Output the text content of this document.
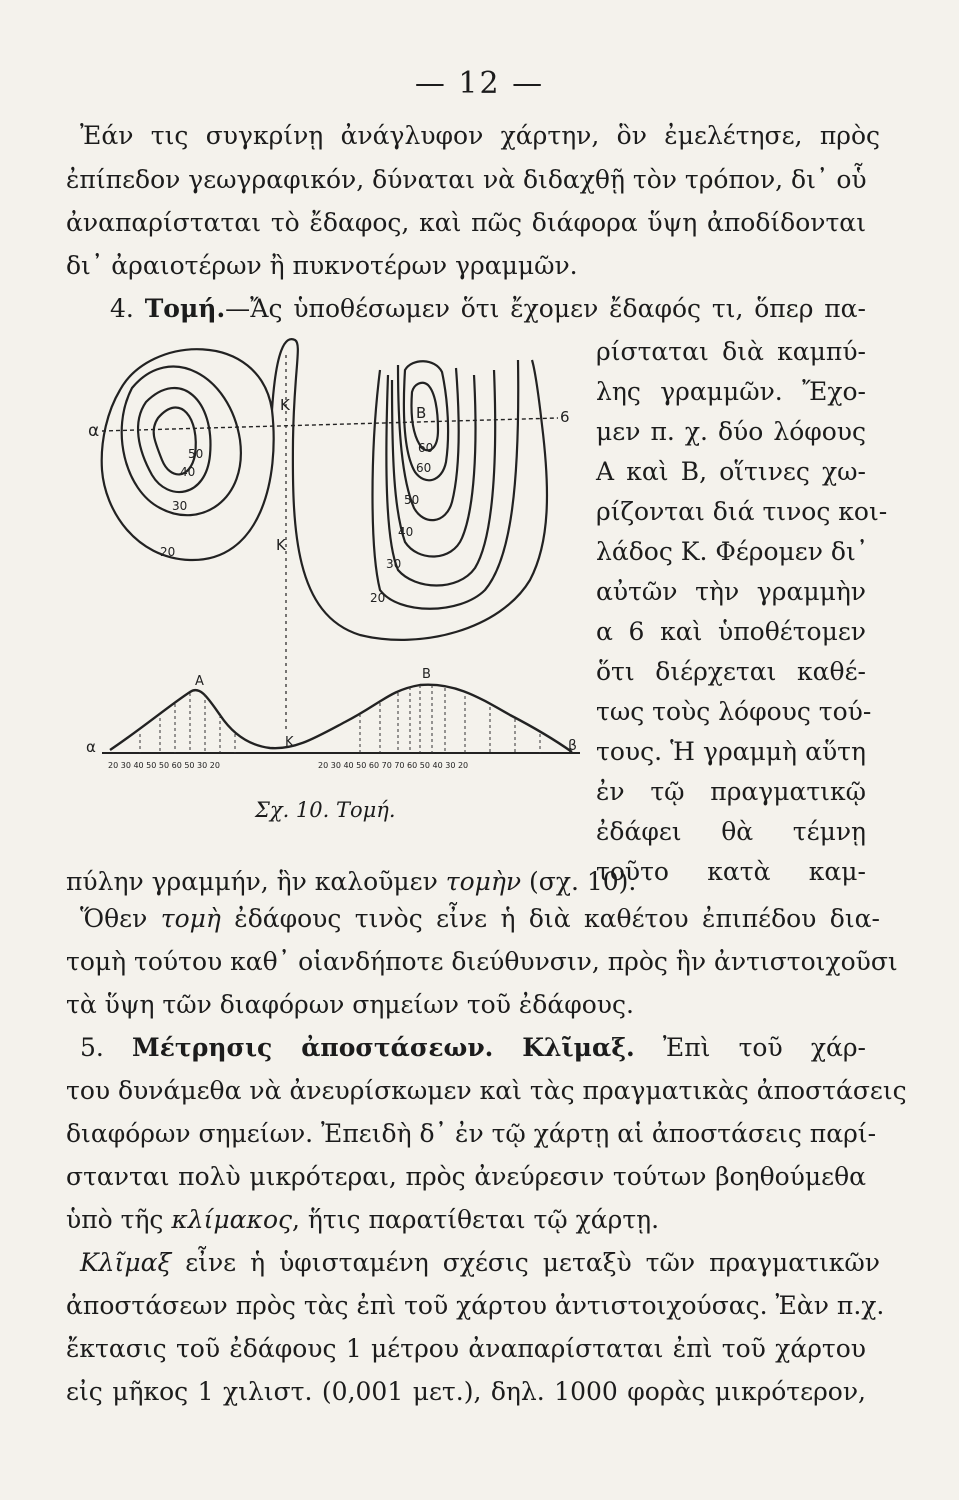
— 12 —
Ἐάν τις συγκρίνῃ ἀνάγλυφον χάρτην, ὃν ἐμελέτησε, πρὸς
ἐπίπεδον γεωγραφικόν, δύναται νὰ διδαχθῇ τὸν τρόπον, δι᾽ οὗ
ἀναπαρίσταται τὸ ἔδαφος, καὶ πῶς διάφορα ὕψη ἀποδίδονται
δι᾽ ἀραιοτέρων ἢ πυκνοτέρων γραμμῶν.
4. Τομή.—Ἄς ὑποθέσωμεν ὅτι ἔχομεν ἔδαφός τι, ὅπερ πα-
ρίσταται διὰ καμπύ-
λης γραμμῶν. Ἔχο-
μεν π. χ. δύο λόφους
Α καὶ Β, οἵτινες χω-
ρίζονται διά τινος κοι-
λάδος Κ. Φέρομεν δι᾽
αὐτῶν τὴν γραμμὴν
α 6 καὶ ὑποθέτομεν
ὅτι διέρχεται καθέ-
τως τοὺς λόφους τού-
τους. Ἡ γραμμὴ αὕτη
ἐν τῷ πραγματικῷ
ἐδάφει θὰ τέμνῃ
τοῦτο κατὰ καμ-
α
6
Κ
Κ
Β
50
40
30
20
60
60
50
40
30
20
Α	Β
Κ
α	β
20 30 40 50 50 60 50 30 20	20 30 40 50 60 70 70 60 50 40 30 20
Σχ. 10. Τομή.
πύλην γραμμήν, ἣν καλοῦμεν τομὴν (σχ. 10).
Ὅθεν τομὴ ἐδάφους τινὸς εἶνε ἡ διὰ καθέτου ἐπιπέδου δια-
τομὴ τούτου καθ᾽ οἱανδήποτε διεύθυνσιν, πρὸς ἣν ἀντιστοιχοῦσι
τὰ ὕψη τῶν διαφόρων σημείων τοῦ ἐδάφους.
5. Μέτρησις ἀποστάσεων. Κλῖμαξ. Ἐπὶ τοῦ χάρ-
του δυνάμεθα νὰ ἀνευρίσκωμεν καὶ τὰς πραγματικὰς ἀποστάσεις
διαφόρων σημείων. Ἐπειδὴ δ᾽ ἐν τῷ χάρτῃ αἱ ἀποστάσεις παρί-
στανται πολὺ μικρότεραι, πρὸς ἀνεύρεσιν τούτων βοηθούμεθα
ὑπὸ τῆς κλίμακος, ἥτις παρατίθεται τῷ χάρτῃ.
Κλῖμαξ εἶνε ἡ ὑφισταμένη σχέσις μεταξὺ τῶν πραγματικῶν
ἀποστάσεων πρὸς τὰς ἐπὶ τοῦ χάρτου ἀντιστοιχούσας. Ἐὰν π.χ.
ἔκτασις τοῦ ἐδάφους 1 μέτρου ἀναπαρίσταται ἐπὶ τοῦ χάρτου
εἰς μῆκος 1 χιλιστ. (0,001 μετ.), δηλ. 1000 φορὰς μικρότερον,
